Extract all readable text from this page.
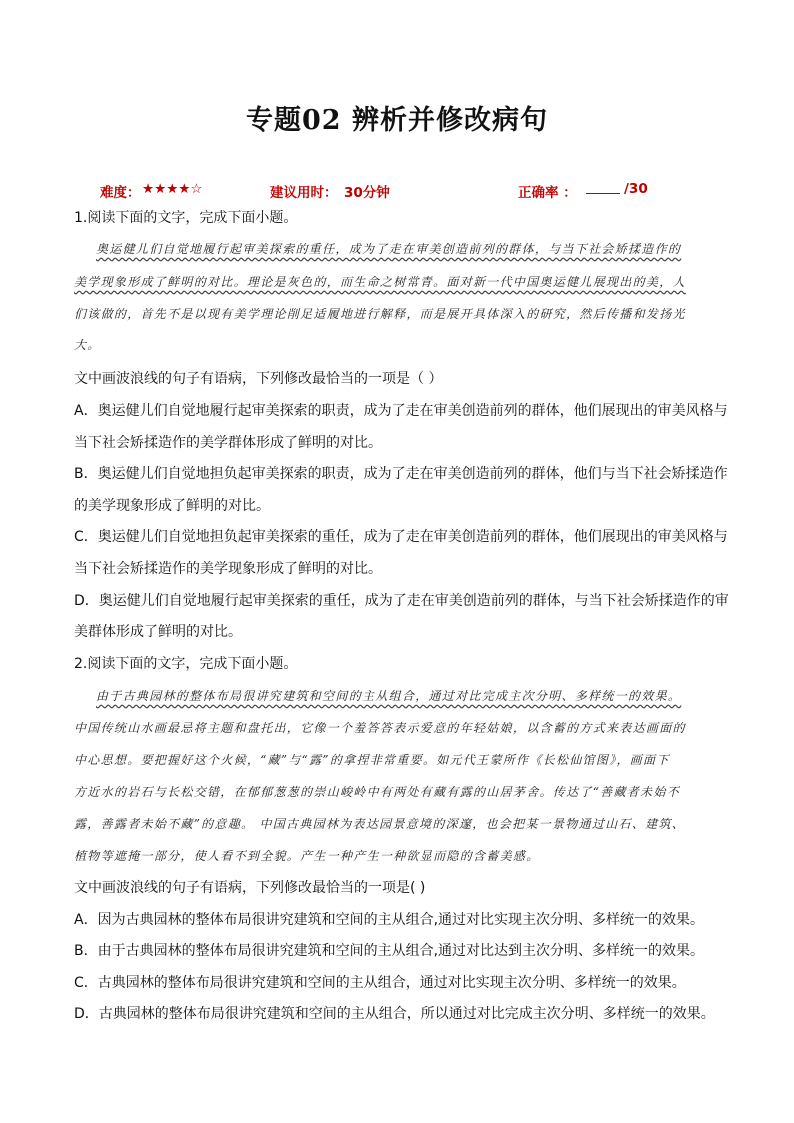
专题02 辨析并修改病句
难度： ★★★★☆	建议用时： 30分钟	正确率 ：	/30
1.阅读下面的文字，完成下面小题。
奥运健儿们自觉地履行起审美探索的重任，成为了走在审美创造前列的群体，与当下社会矫揉造作的
美学现象形成了鲜明的对比。理论是灰色的，而生命之树常青。面对新一代中国奥运健儿展现出的美，人
们该做的，首先不是以现有美学理论削足适履地进行解释，而是展开具体深入的研究，然后传播和发扬光
大。
文中画波浪线的句子有语病，下列修改最恰当的一项是（ ）
A．奥运健儿们自觉地履行起审美探索的职责，成为了走在审美创造前列的群体，他们展现出的审美风格与
当下社会矫揉造作的美学群体形成了鲜明的对比。
B．奥运健儿们自觉地担负起审美探索的职责，成为了走在审美创造前列的群体，他们与当下社会矫揉造作
的美学现象形成了鲜明的对比。
C．奥运健儿们自觉地担负起审美探索的重任，成为了走在审美创造前列的群体，他们展现出的审美风格与
当下社会矫揉造作的美学现象形成了鲜明的对比。
D．奥运健儿们自觉地履行起审美探索的重任，成为了走在审美创造前列的群体，与当下社会矫揉造作的审
美群体形成了鲜明的对比。
2.阅读下面的文字，完成下面小题。
由于古典园林的整体布局很讲究建筑和空间的主从组合，通过对比完成主次分明、多样统一的效果。
中国传统山水画最忌将主题和盘托出，它像一个羞答答表示爱意的年轻姑娘，以含蓄的方式来表达画面的
中心思想。要把握好这个火候，“藏”与“露”的拿捏非常重要。如元代王蒙所作《长松仙馆图》，画面下
方近水的岩石与长松交错，在郁郁葱葱的崇山峻岭中有两处有藏有露的山居茅舍。传达了“善藏者未始不
露，善露者未始不藏”的意趣。 中国古典园林为表达园景意境的深邃，也会把某一景物通过山石、建筑、
植物等遮掩一部分，使人看不到全貌。产生一种产生一种欲显而隐的含蓄美感。
文中画波浪线的句子有语病，下列修改最恰当的一项是( )
A．因为古典园林的整体布局很讲究建筑和空间的主从组合,通过对比实现主次分明、多样统一的效果。
B．由于古典园林的整体布局很讲究建筑和空间的主从组合,通过对比达到主次分明、多样统一的效果。
C．古典园林的整体布局很讲究建筑和空间的主从组合，通过对比实现主次分明、多样统一的效果。
D．古典园林的整体布局很讲究建筑和空间的主从组合，所以通过对比完成主次分明、多样统一的效果。
